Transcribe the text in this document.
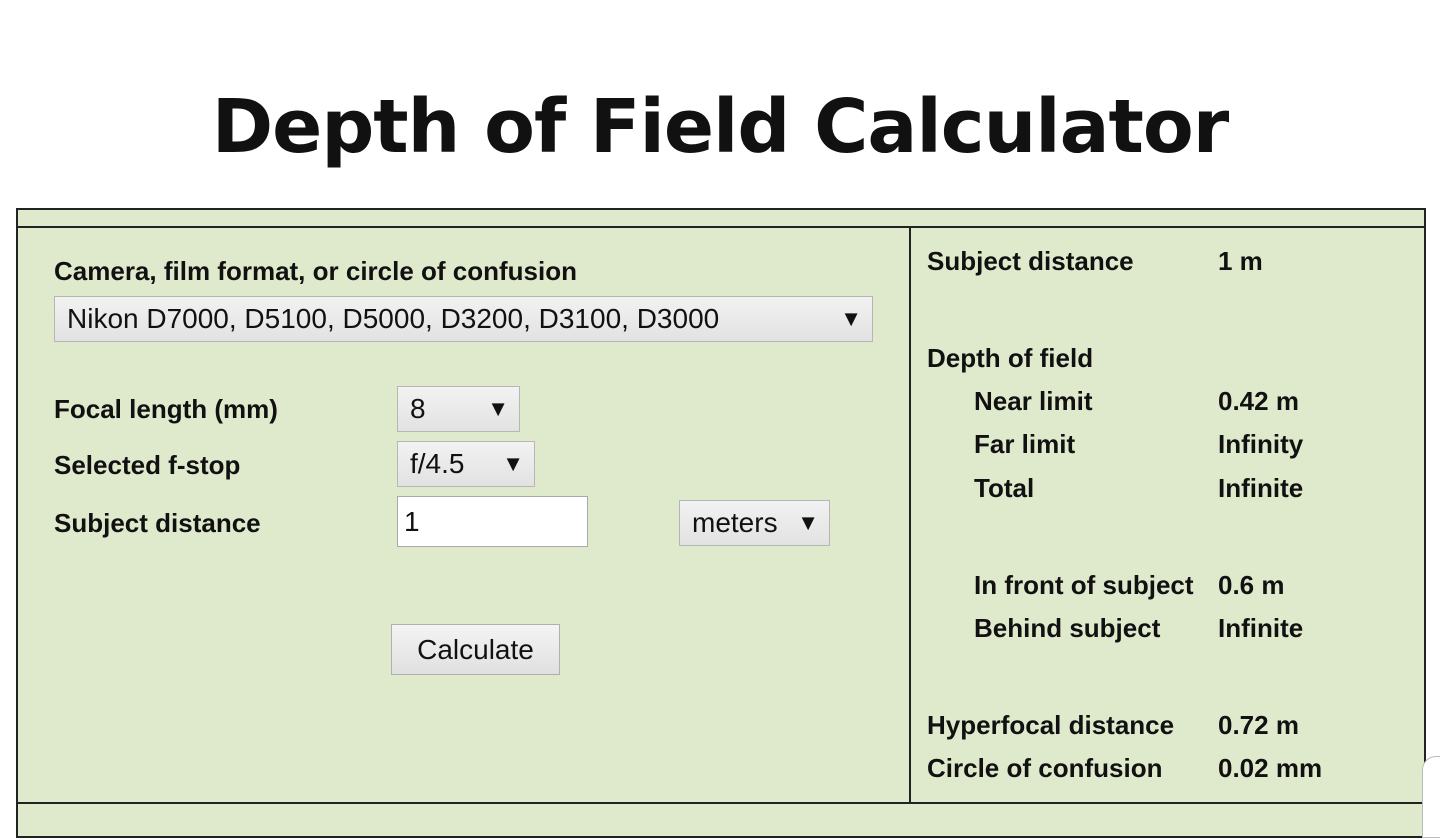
Depth of Field Calculator
Camera, film format, or circle of confusion
Nikon D7000, D5100, D5000, D3200, D3100, D3000	▼
Focal length (mm)	8	▼
Selected f-stop	f/4.5 ▼
Subject distance	1	meters ▼
Calculate
Subject distance	1 m
Depth of field
Near limit	0.42 m
Far limit	Infinity
Total	Infinite
In front of subject 0.6 m
Behind subject Infinite
Hyperfocal distance 0.72 m
Circle of confusion 0.02 mm
